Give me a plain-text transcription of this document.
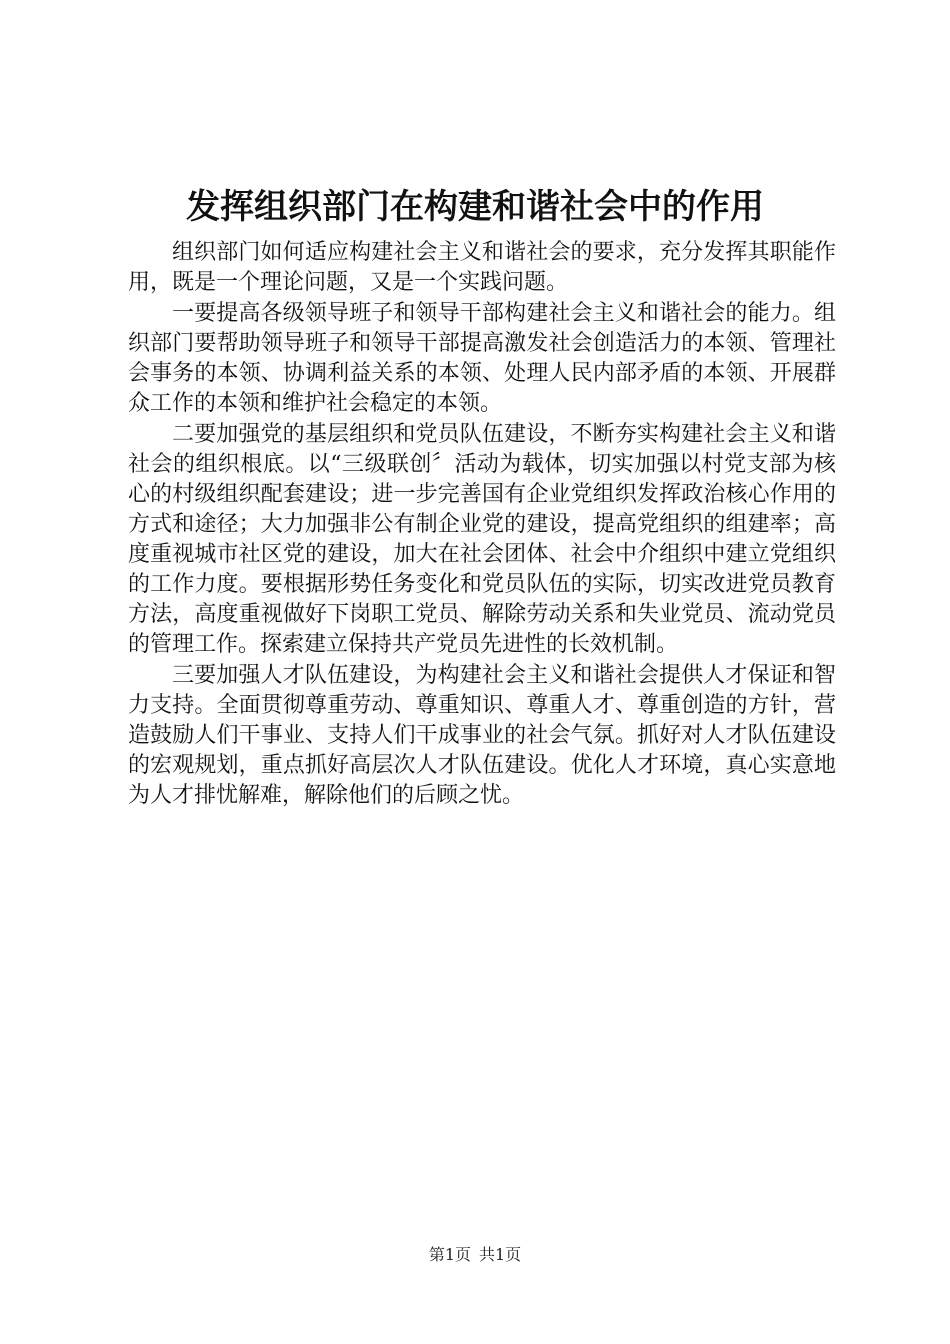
发挥组织部门在构建和谐社会中的作用

组织部门如何适应构建社会主义和谐社会的要求，充分发挥其职能作用，既是一个理论问题，又是一个实践问题。

一要提高各级领导班子和领导干部构建社会主义和谐社会的能力。组织部门要帮助领导班子和领导干部提高激发社会创造活力的本领、管理社会事务的本领、协调利益关系的本领、处理人民内部矛盾的本领、开展群众工作的本领和维护社会稳定的本领。

二要加强党的基层组织和党员队伍建设，不断夯实构建社会主义和谐社会的组织根底。以“三级联创〞活动为载体，切实加强以村党支部为核心的村级组织配套建设；进一步完善国有企业党组织发挥政治核心作用的方式和途径；大力加强非公有制企业党的建设，提高党组织的组建率；高度重视城市社区党的建设，加大在社会团体、社会中介组织中建立党组织的工作力度。要根据形势任务变化和党员队伍的实际，切实改进党员教育方法，高度重视做好下岗职工党员、解除劳动关系和失业党员、流动党员的管理工作。探索建立保持共产党员先进性的长效机制。

三要加强人才队伍建设，为构建社会主义和谐社会提供人才保证和智力支持。全面贯彻尊重劳动、尊重知识、尊重人才、尊重创造的方针，营造鼓励人们干事业、支持人们干成事业的社会气氛。抓好对人才队伍建设的宏观规划，重点抓好高层次人才队伍建设。优化人才环境，真心实意地为人才排忧解难，解除他们的后顾之忧。

第1页 共1页
